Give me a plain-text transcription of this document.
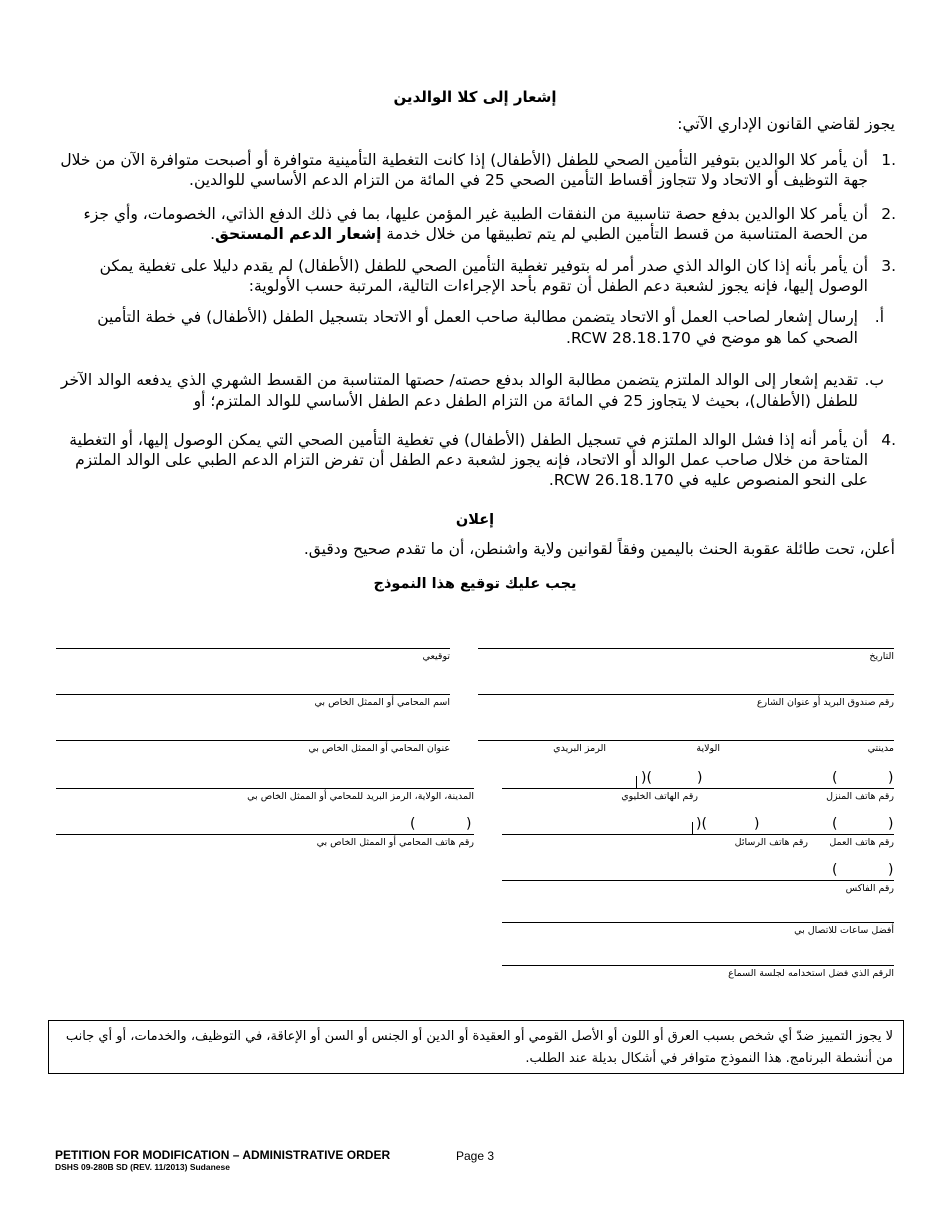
إشعار إلى كلا الوالدين
يجوز لقاضي القانون الإداري الآتي:
1.
أن يأمر كلا الوالدين بتوفير التأمين الصحي للطفل (الأطفال) إذا كانت التغطية التأمينية متوافرة أو أصبحت متوافرة الآن من خلال جهة التوظيف أو الاتحاد ولا تتجاوز أقساط التأمين الصحي 25 في المائة من التزام الدعم الأساسي للوالدين.
2.
أن يأمر كلا الوالدين بدفع حصة تناسبية من النفقات الطبية غير المؤمن عليها، بما في ذلك الدفع الذاتي، الخصومات، وأي جزء من الحصة المتناسبة من قسط التأمين الطبي لم يتم تطبيقها من خلال خدمة إشعار الدعم المستحق.
3.
أن يأمر بأنه إذا كان الوالد الذي صدر أمر له بتوفير تغطية التأمين الصحي للطفل (الأطفال) لم يقدم دليلا على تغطية يمكن الوصول إليها، فإنه يجوز لشعبة دعم الطفل أن تقوم بأحد الإجراءات التالية، المرتبة حسب الأولوية:
أ.
إرسال إشعار لصاحب العمل أو الاتحاد يتضمن مطالبة صاحب العمل أو الاتحاد بتسجيل الطفل (الأطفال) في خطة التأمين الصحي كما هو موضح في RCW 28.18.170.
ب.
تقديم إشعار إلى الوالد الملتزم يتضمن مطالبة الوالد بدفع حصته/ حصتها المتناسبة من القسط الشهري الذي يدفعه الوالد الآخر للطفل (الأطفال)، بحيث لا يتجاوز 25 في المائة من التزام الطفل دعم الطفل الأساسي للوالد الملتزم؛ أو
4.
أن يأمر أنه إذا فشل الوالد الملتزم في تسجيل الطفل (الأطفال) في تغطية التأمين الصحي التي يمكن الوصول إليها، أو التغطية المتاحة من خلال صاحب عمل الوالد أو الاتحاد، فإنه يجوز لشعبة دعم الطفل أن تفرض التزام الدعم الطبي على الوالد الملتزم على النحو المنصوص عليه في RCW 26.18.170.
إعلان
أعلن، تحت طائلة عقوبة الحنث باليمين وفقاً لقوانين ولاية واشنطن، أن ما تقدم صحيح ودقيق.
يجب عليك توقيع هذا النموذج
التاريخ
رقم صندوق البريد أو عنوان الشارع
مدينتي
الولاية
الرمز البريدي
(	)
)(	)
رقم هاتف المنزل
رقم الهاتف الخليوي
(	)
)(	)
رقم هاتف العمل
رقم هاتف الرسائل
(	)
رقم الفاكس
أفضل ساعات للاتصال بي
الرقم الذي فضل استخدامه لجلسة السماع
توقيعي
اسم المحامي أو الممثل الخاص بي
عنوان المحامي أو الممثل الخاص بي
المدينة، الولاية، الرمز البريد للمحامي أو الممثل الخاص بي
(	)
رقم هاتف المحامي أو الممثل الخاص بي
لا يجوز التمييز ضدّ أي شخص بسبب العرق أو اللون أو الأصل القومي أو العقيدة أو الدين أو الجنس أو السن أو الإعاقة، في التوظيف، والخدمات، أو أي جانب من أنشطة البرنامج. هذا النموذج متوافر في أشكال بديلة عند الطلب.
PETITION FOR MODIFICATION – ADMINISTRATIVE ORDER	Page 3
DSHS 09-280B SD (REV. 11/2013) Sudanese
